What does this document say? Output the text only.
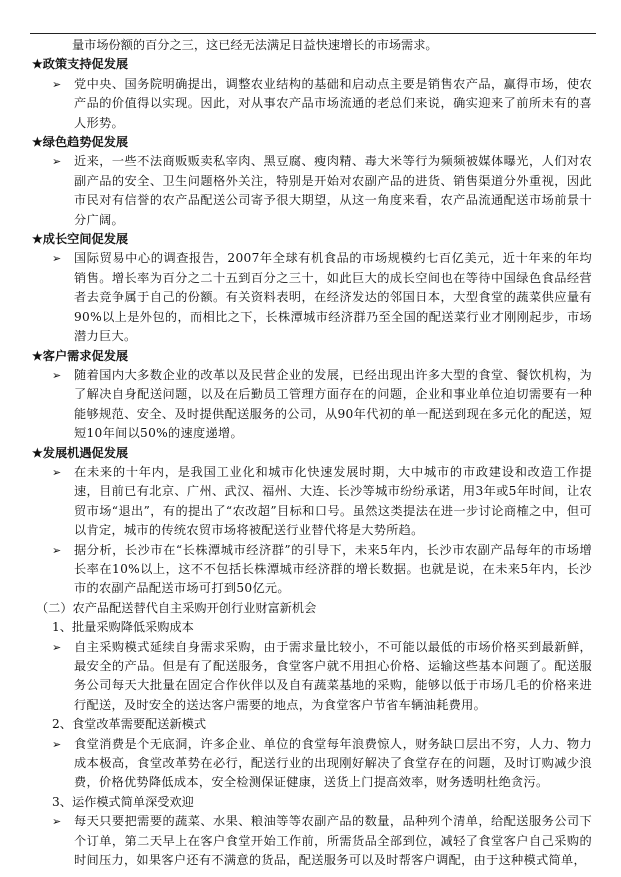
量市场份额的百分之三，这已经无法满足日益快速增长的市场需求。

★ 政策支持促发展

➢	党中央、国务院明确提出，调整农业结构的基础和启动点主要是销售农产品，赢得市场，使农产品的价值得以实现。因此，对从事农产品市场流通的老总们来说，确实迎来了前所未有的喜人形势。

★ 绿色趋势促发展

➢	近来，一些不法商贩贩卖私宰肉、黑豆腐、瘦肉精、毒大米等行为频频被媒体曝光，人们对农副产品的安全、卫生问题格外关注，特别是开始对农副产品的进货、销售渠道分外重视，因此市民对有信誉的农产品配送公司寄予很大期望，从这一角度来看，农产品流通配送市场前景十分广阔。

★ 成长空间促发展

➢	国际贸易中心的调查报告，2007年全球有机食品的市场规模约七百亿美元，近十年来的年均销售。增长率为百分之二十五到百分之三十，如此巨大的成长空间也在等待中国绿色食品经营者去竞争属于自己的份额。有关资料表明，在经济发达的邻国日本，大型食堂的蔬菜供应量有90%以上是外包的，而相比之下，长株潭城市经济群乃至全国的配送菜行业才刚刚起步，市场潜力巨大。

★ 客户需求促发展

➢	随着国内大多数企业的改革以及民营企业的发展，已经出现出许多大型的食堂、餐饮机构，为了解决自身配送问题，以及在后勤员工管理方面存在的问题，企业和事业单位迫切需要有一种能够规范、安全、及时提供配送服务的公司，从90年代初的单一配送到现在多元化的配送，短短10年间以50%的速度递增。

★ 发展机遇促发展

➢	在未来的十年内，是我国工业化和城市化快速发展时期，大中城市的市政建设和改造工作提速，目前已有北京、广州、武汉、福州、大连、长沙等城市纷纷承诺，用3年或5年时间，让农贸市场“退出”，有的提出了“农改超”目标和口号。虽然这类提法在进一步讨论商榷之中，但可以肯定，城市的传统农贸市场将被配送行业替代将是大势所趋。
➢	据分析，长沙市在“长株潭城市经济群”的引导下，未来5年内，长沙市农副产品每年的市场增长率在10%以上，这不不包括长株潭城市经济群的增长数据。也就是说，在未来5年内，长沙市的农副产品配送市场可打到50亿元。

（二）农产品配送替代自主采购开创行业财富新机会

1、批量采购降低采购成本

➢	自主采购模式延续自身需求采购，由于需求量比较小，不可能以最低的市场价格买到最新鲜，最安全的产品。但是有了配送服务，食堂客户就不用担心价格、运输这些基本问题了。配送服务公司每天大批量在固定合作伙伴以及自有蔬菜基地的采购，能够以低于市场几毛的价格来进行配送，及时安全的送达客户需要的地点，为食堂客户节省车辆油耗费用。

2、食堂改革需要配送新模式

➢	食堂消费是个无底洞，许多企业、单位的食堂每年浪费惊人，财务缺口层出不穷，人力、物力成本极高，食堂改革势在必行，配送行业的出现刚好解决了食堂存在的问题，及时订购减少浪费，价格优势降低成本，安全检测保证健康，送货上门提高效率，财务透明杜绝贪污。

3、运作模式简单深受欢迎

➢	每天只要把需要的蔬菜、水果、粮油等等农副产品的数量，品种列个清单，给配送服务公司下个订单，第二天早上在客户食堂开始工作前，所需货品全部到位，减轻了食堂客户自己采购的时间压力，如果客户还有不满意的货品，配送服务可以及时帮客户调配，由于这种模式简单，
